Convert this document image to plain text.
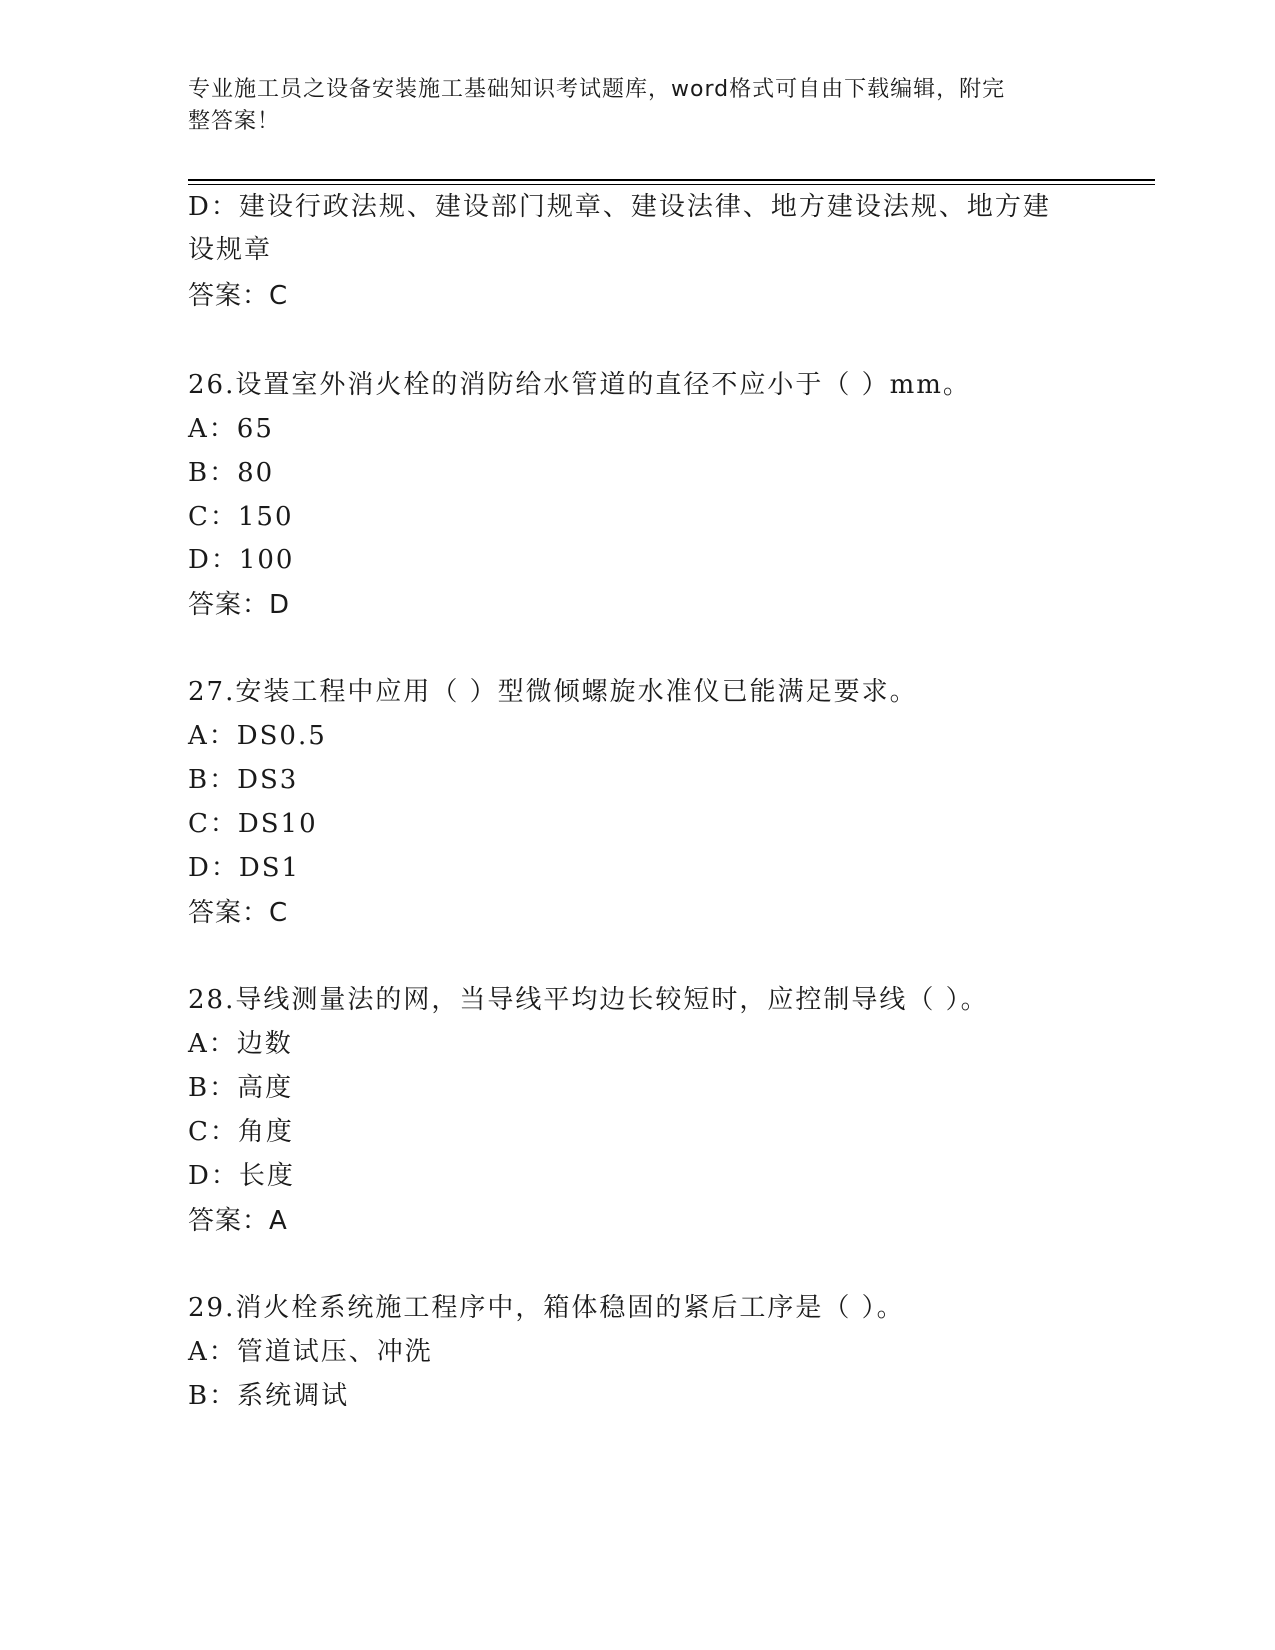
专业施工员之设备安装施工基础知识考试题库，word格式可自由下载编辑，附完
整答案！
D：建设行政法规、建设部门规章、建设法律、地方建设法规、地方建
设规章
答案：C
26.设置室外消火栓的消防给水管道的直径不应小于（ ）mm。
A：65
B：80
C：150
D：100
答案：D
27.安装工程中应用（ ）型微倾螺旋水准仪已能满足要求。
A：DS0.5
B：DS3
C：DS10
D：DS1
答案：C
28.导线测量法的网，当导线平均边长较短时，应控制导线（ ）。
A：边数
B：高度
C：角度
D：长度
答案：A
29.消火栓系统施工程序中，箱体稳固的紧后工序是（ ）。
A：管道试压、冲洗
B：系统调试
